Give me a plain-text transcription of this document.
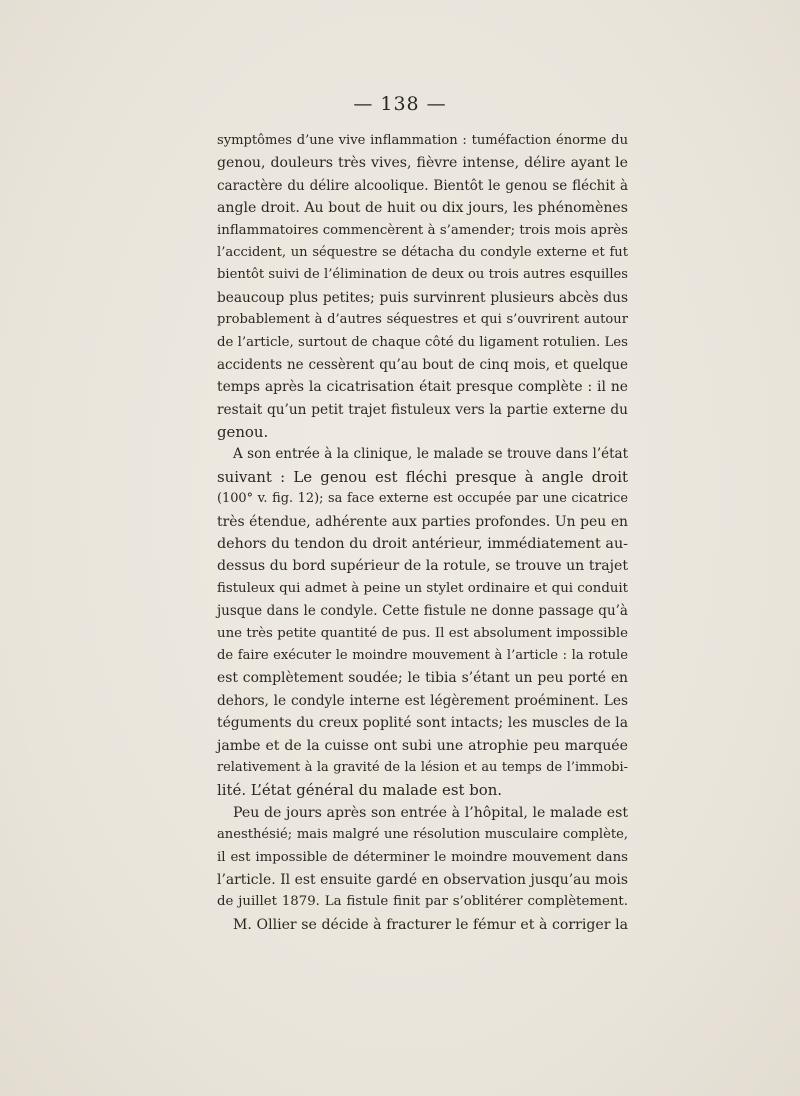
— 138 —
symptômes d’une vive inflammation : tuméfaction énorme du
genou, douleurs très vives, fièvre intense, délire ayant le
caractère du délire alcoolique. Bientôt le genou se fléchit à
angle droit. Au bout de huit ou dix jours, les phénomènes
inflammatoires commencèrent à s’amender; trois mois après
l’accident, un séquestre se détacha du condyle externe et fut
bientôt suivi de l’élimination de deux ou trois autres esquilles
beaucoup plus petites; puis survinrent plusieurs abcès dus
probablement à d’autres séquestres et qui s’ouvrirent autour
de l’article, surtout de chaque côté du ligament rotulien. Les
accidents ne cessèrent qu’au bout de cinq mois, et quelque
temps après la cicatrisation était presque complète : il ne
restait qu’un petit trajet fistuleux vers la partie externe du
genou.
A son entrée à la clinique, le malade se trouve dans l’état
suivant : Le genou est fléchi presque à angle droit
(100° v. fig. 12); sa face externe est occupée par une cicatrice
très étendue, adhérente aux parties profondes. Un peu en
dehors du tendon du droit antérieur, immédiatement au-
dessus du bord supérieur de la rotule, se trouve un trajet
fistuleux qui admet à peine un stylet ordinaire et qui conduit
jusque dans le condyle. Cette fistule ne donne passage qu’à
une très petite quantité de pus. Il est absolument impossible
de faire exécuter le moindre mouvement à l’article : la rotule
est complètement soudée; le tibia s’étant un peu porté en
dehors, le condyle interne est légèrement proéminent. Les
téguments du creux poplité sont intacts; les muscles de la
jambe et de la cuisse ont subi une atrophie peu marquée
relativement à la gravité de la lésion et au temps de l’immobi-
lité. L’état général du malade est bon.
Peu de jours après son entrée à l’hôpital, le malade est
anesthésié; mais malgré une résolution musculaire complète,
il est impossible de déterminer le moindre mouvement dans
l’article. Il est ensuite gardé en observation jusqu’au mois
de juillet 1879. La fistule finit par s’oblitérer complètement.
M. Ollier se décide à fracturer le fémur et à corriger la
